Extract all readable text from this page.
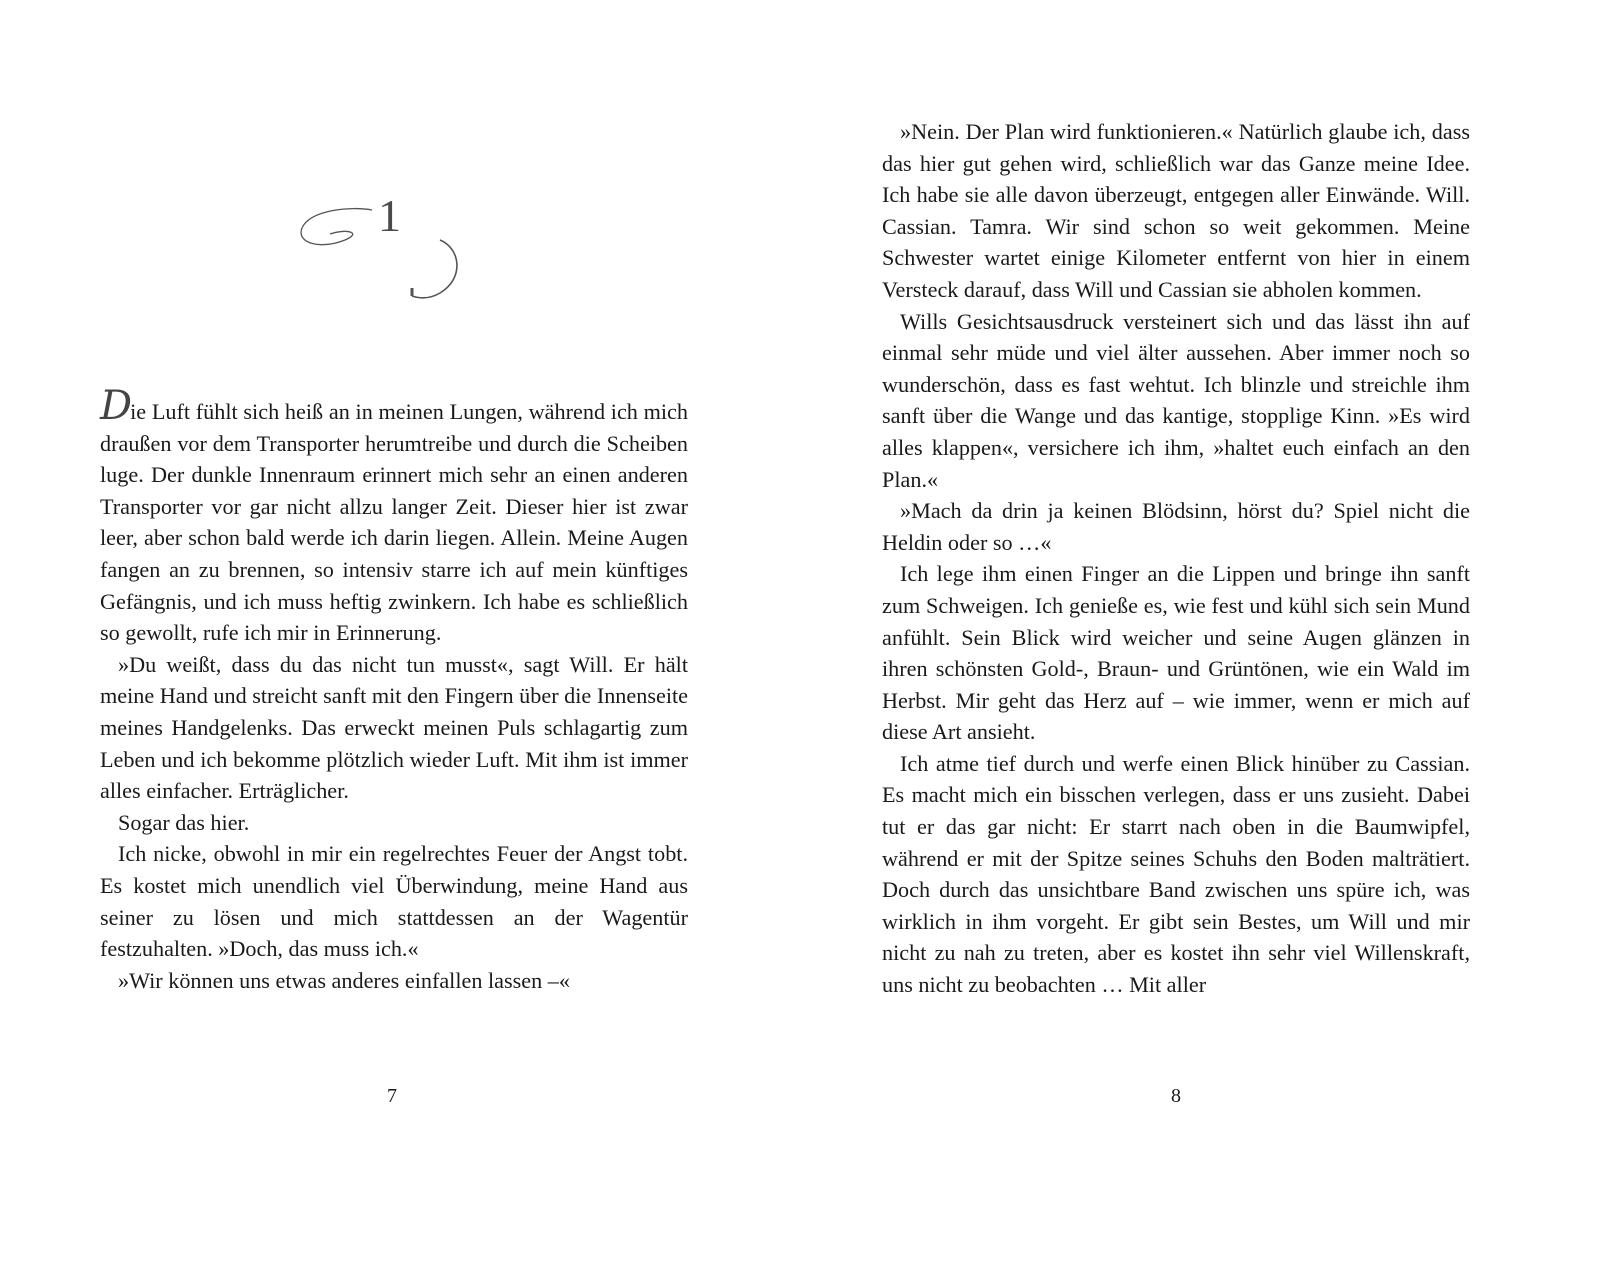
1

Die Luft fühlt sich heiß an in meinen Lungen, während ich mich draußen vor dem Transporter herumtreibe und durch die Scheiben luge. Der dunkle Innenraum erinnert mich sehr an einen anderen Transporter vor gar nicht allzu langer Zeit. Dieser hier ist zwar leer, aber schon bald werde ich darin liegen. Allein. Meine Augen fangen an zu brennen, so intensiv starre ich auf mein künftiges Gefängnis, und ich muss heftig zwinkern. Ich habe es schließlich so gewollt, rufe ich mir in Erinnerung.

»Du weißt, dass du das nicht tun musst«, sagt Will. Er hält meine Hand und streicht sanft mit den Fingern über die Innenseite meines Handgelenks. Das erweckt meinen Puls schlagartig zum Leben und ich bekomme plötzlich wieder Luft. Mit ihm ist immer alles einfacher. Erträglicher.

Sogar das hier.

Ich nicke, obwohl in mir ein regelrechtes Feuer der Angst tobt. Es kostet mich unendlich viel Überwindung, meine Hand aus seiner zu lösen und mich stattdessen an der Wagentür festzuhalten. »Doch, das muss ich.«

»Wir können uns etwas anderes einfallen lassen –«

7

»Nein. Der Plan wird funktionieren.« Natürlich glaube ich, dass das hier gut gehen wird, schließlich war das Ganze meine Idee. Ich habe sie alle davon überzeugt, entgegen aller Einwände. Will. Cassian. Tamra. Wir sind schon so weit gekommen. Meine Schwester wartet einige Kilometer entfernt von hier in einem Versteck darauf, dass Will und Cassian sie abholen kommen.

Wills Gesichtsausdruck versteinert sich und das lässt ihn auf einmal sehr müde und viel älter aussehen. Aber immer noch so wunderschön, dass es fast wehtut. Ich blinzle und streichle ihm sanft über die Wange und das kantige, stopplige Kinn. »Es wird alles klappen«, versichere ich ihm, »haltet euch einfach an den Plan.«

»Mach da drin ja keinen Blödsinn, hörst du? Spiel nicht die Heldin oder so …«

Ich lege ihm einen Finger an die Lippen und bringe ihn sanft zum Schweigen. Ich genieße es, wie fest und kühl sich sein Mund anfühlt. Sein Blick wird weicher und seine Augen glänzen in ihren schönsten Gold-, Braun- und Grüntönen, wie ein Wald im Herbst. Mir geht das Herz auf – wie immer, wenn er mich auf diese Art ansieht.

Ich atme tief durch und werfe einen Blick hinüber zu Cassian. Es macht mich ein bisschen verlegen, dass er uns zusieht. Dabei tut er das gar nicht: Er starrt nach oben in die Baumwipfel, während er mit der Spitze seines Schuhs den Boden malträtiert. Doch durch das unsichtbare Band zwischen uns spüre ich, was wirklich in ihm vorgeht. Er gibt sein Bestes, um Will und mir nicht zu nah zu treten, aber es kostet ihn sehr viel Willenskraft, uns nicht zu beobachten … Mit aller

8
